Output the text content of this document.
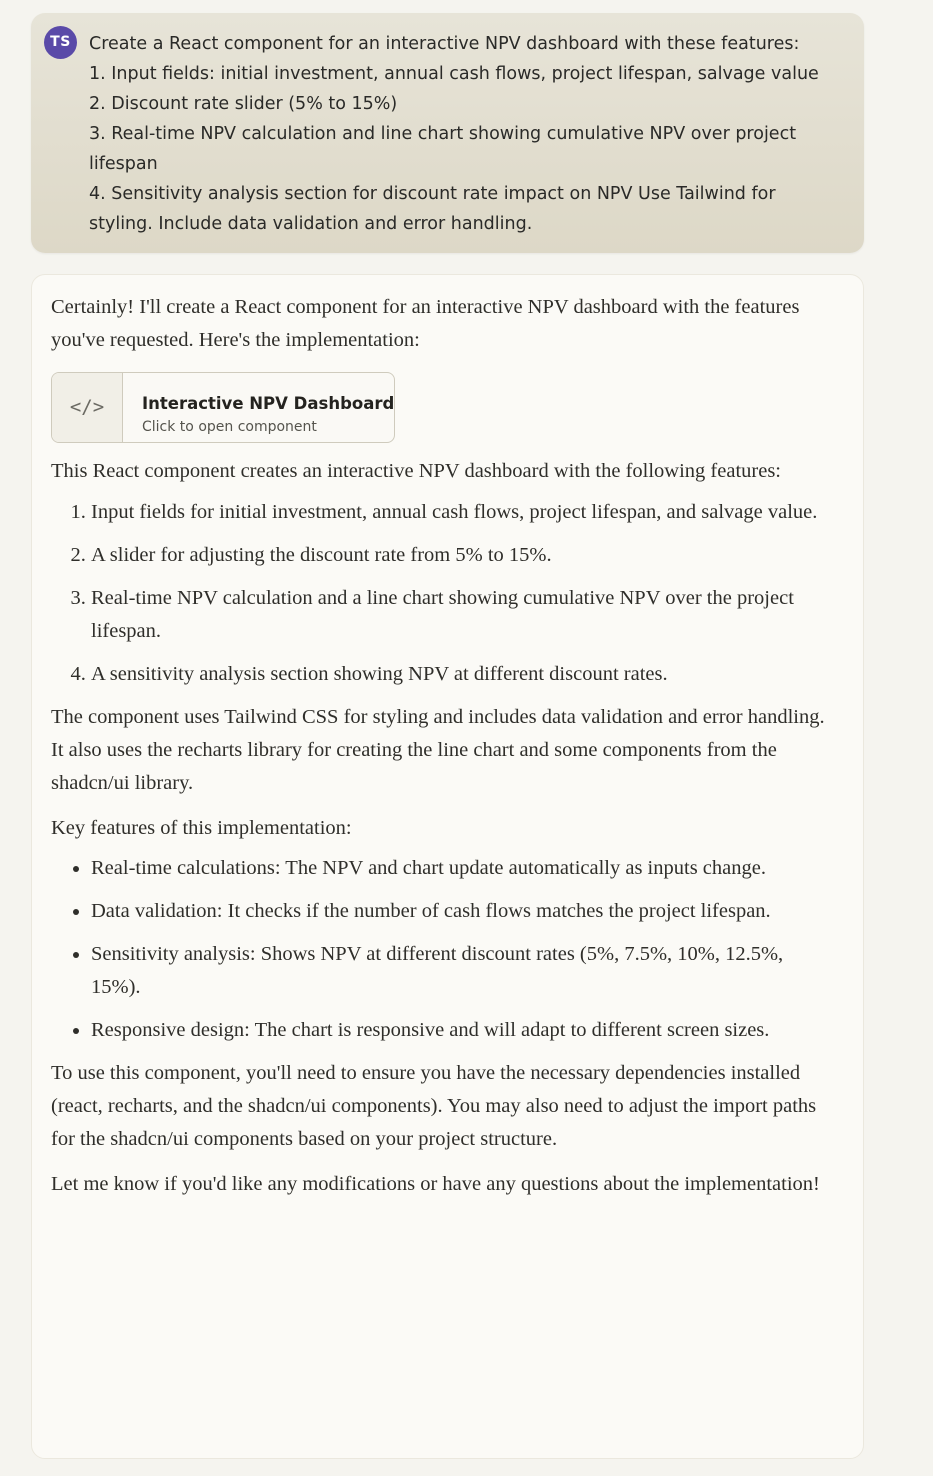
TS	Create a React component for an interactive NPV dashboard with these features:
1. Input fields: initial investment, annual cash flows, project lifespan, salvage value
2. Discount rate slider (5% to 15%)
3. Real-time NPV calculation and line chart showing cumulative NPV over project
lifespan
4. Sensitivity analysis section for discount rate impact on NPV Use Tailwind for
styling. Include data validation and error handling.

Certainly! I'll create a React component for an interactive NPV dashboard with the features you've requested. Here's the implementation:

</>	Interactive NPV Dashboard
Click to open component

This React component creates an interactive NPV dashboard with the following features:

1. Input fields for initial investment, annual cash flows, project lifespan, and salvage value.
2. A slider for adjusting the discount rate from 5% to 15%.
3. Real-time NPV calculation and a line chart showing cumulative NPV over the project lifespan.
4. A sensitivity analysis section showing NPV at different discount rates.

The component uses Tailwind CSS for styling and includes data validation and error handling. It also uses the recharts library for creating the line chart and some components from the shadcn/ui library.

Key features of this implementation:

• Real-time calculations: The NPV and chart update automatically as inputs change.
• Data validation: It checks if the number of cash flows matches the project lifespan.
• Sensitivity analysis: Shows NPV at different discount rates (5%, 7.5%, 10%, 12.5%, 15%).
• Responsive design: The chart is responsive and will adapt to different screen sizes.

To use this component, you'll need to ensure you have the necessary dependencies installed (react, recharts, and the shadcn/ui components). You may also need to adjust the import paths for the shadcn/ui components based on your project structure.

Let me know if you'd like any modifications or have any questions about the implementation!
